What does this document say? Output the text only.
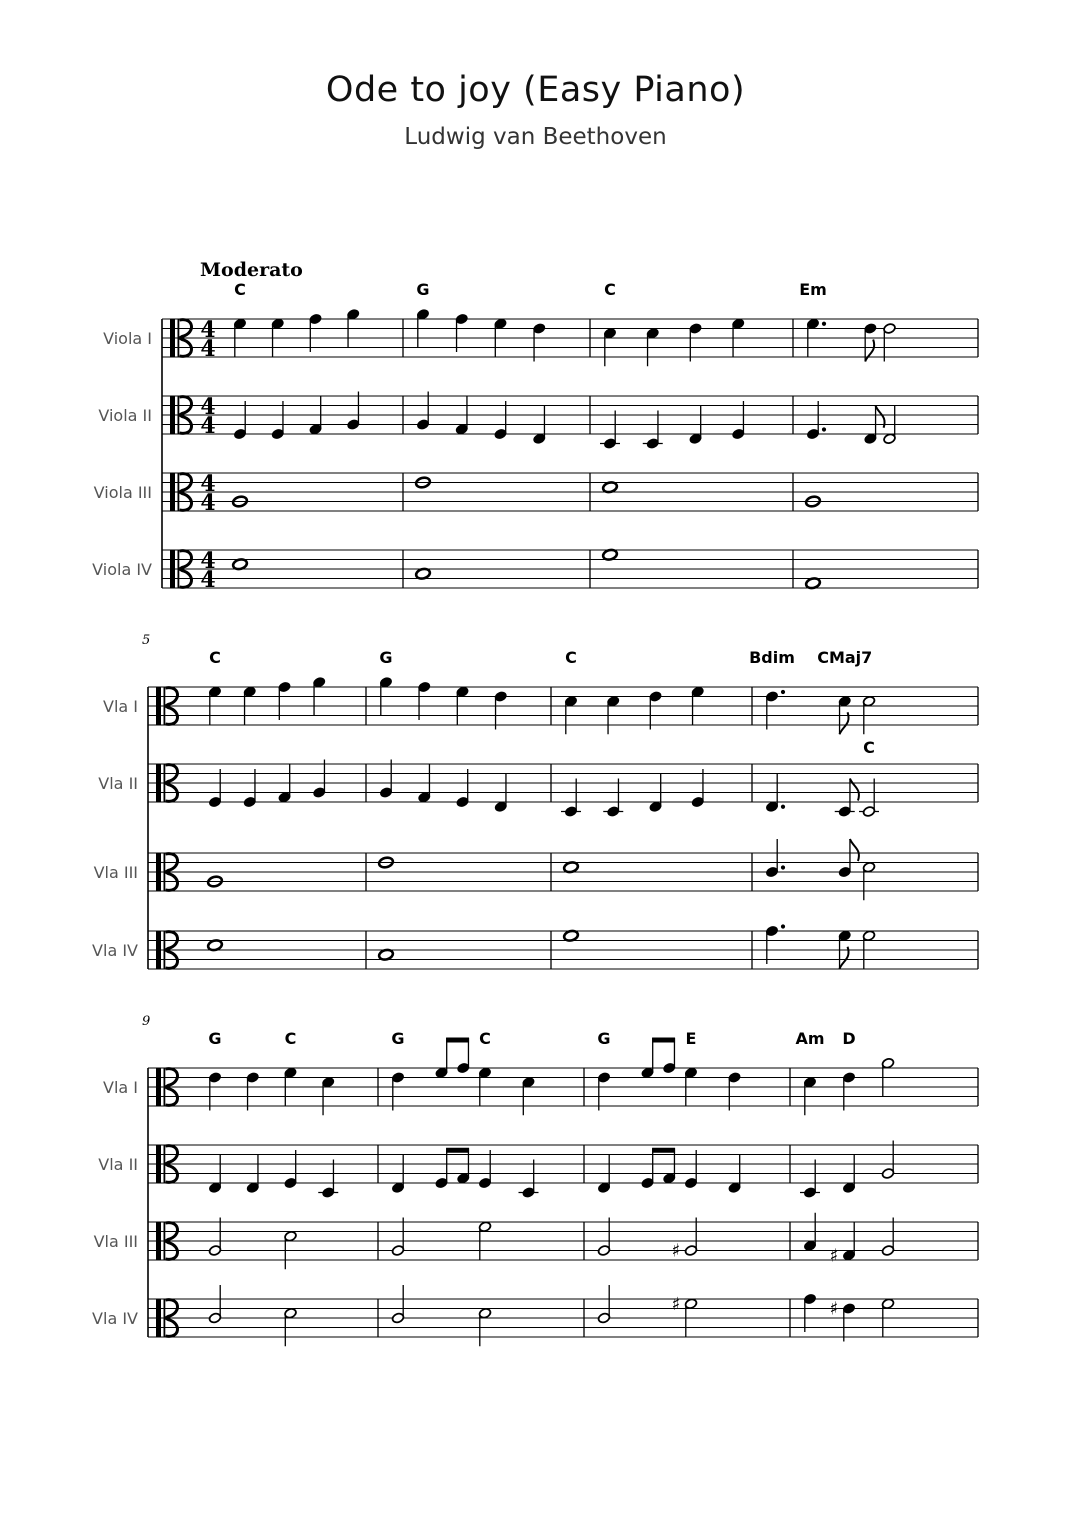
Ode to joy (Easy Piano)
Ludwig van Beethoven
Moderato
C	G	C	Em
Viola I 4
4
Viola II 4
4
Viola III 4
4
Viola IV 4
4
5
C	G	C	Bdim CMaj7
C
Vla I
Vla II
Vla III
Vla IV
9
G	C	G	C	G	E	Am D
Vla I
Vla II
Vla III	♯	♯
Vla IV
♯	♯
